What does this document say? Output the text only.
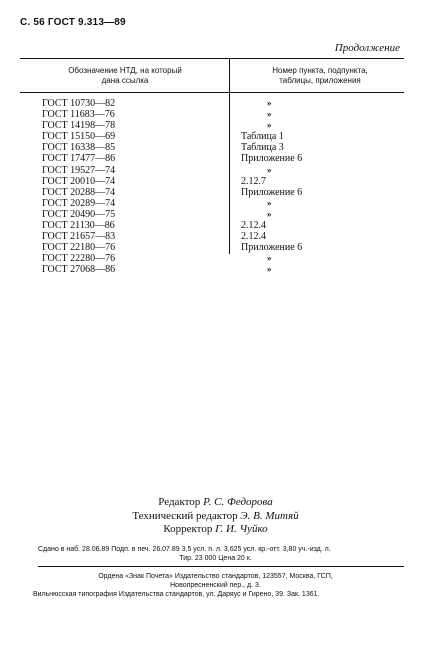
С. 56 ГОСТ 9.313—89
Продолжение
Обозначение НТД, на который
дана ссылка
Номер пункта, подпункта,
таблицы, приложения
ГОСТ 10730—82
ГОСТ 11683—76
ГОСТ 14198—78
ГОСТ 15150—69
ГОСТ 16338—85
ГОСТ 17477—86
ГОСТ 19527—74
ГОСТ 20010—74
ГОСТ 20288—74
ГОСТ 20289—74
ГОСТ 20490—75
ГОСТ 21130—86
ГОСТ 21657—83
ГОСТ 22180—76
ГОСТ 22280—76
ГОСТ 27068—86
»
»
»
Таблица 1
Таблица 3
Приложение 6
»
2.12.7
Приложение 6
»
»
2.12.4
2.12.4
Приложение 6
»
»
Редактор Р. С. Федорова
Технический редактор Э. В. Митяй
Корректор Г. И. Чуйко
Сдано в наб. 28.06.89 Подп. в печ. 26.07.89 3,5 усл. п. л. 3,625 усл. кр.-отт. 3,80 уч.-изд. л.
Тир. 23 000 Цена 20 к.
Ордена «Знак Почета» Издательство стандартов, 123557, Москва, ГСП,
Новопресненский пер., д. 3.
Вильнюсская типография Издательства стандартов, ул. Даряус и Гирено, 39. Зак. 1361.
